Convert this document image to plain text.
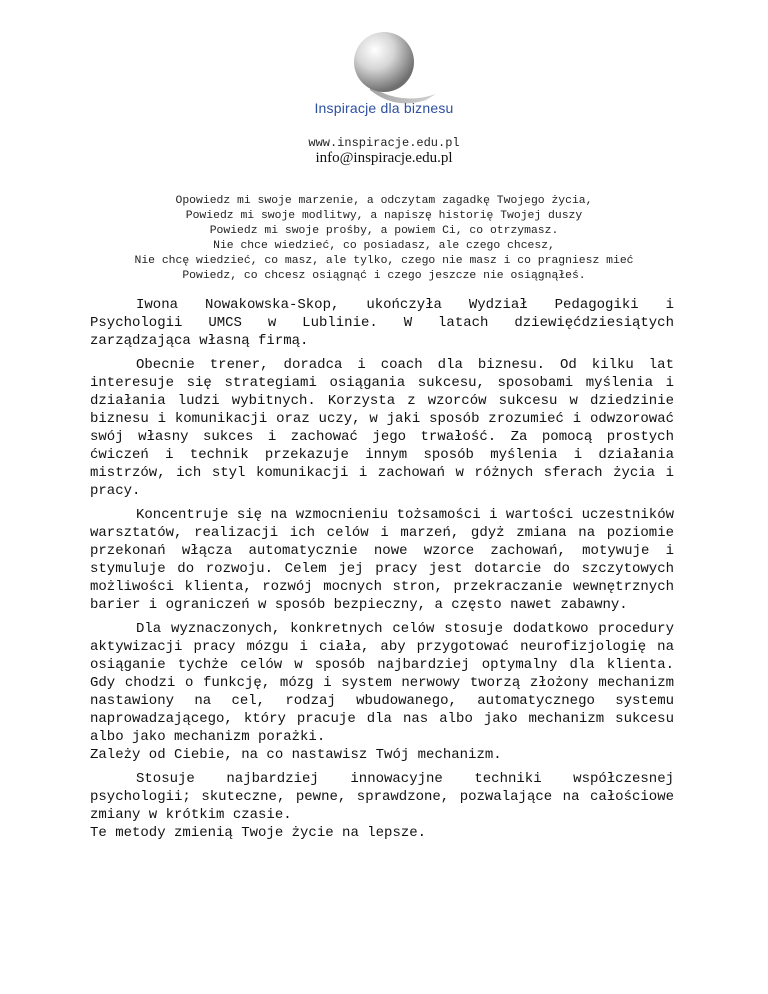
Inspiracje dla biznesu
www.inspiracje.edu.pl
info@inspiracje.edu.pl
Opowiedz mi swoje marzenie, a odczytam zagadkę Twojego życia,
Powiedz mi swoje modlitwy, a napiszę historię Twojej duszy
Powiedz mi swoje prośby, a powiem Ci, co otrzymasz.
Nie chce wiedzieć, co posiadasz, ale czego chcesz,
Nie chcę wiedzieć, co masz, ale tylko, czego nie masz i co pragniesz mieć
Powiedz, co chcesz osiągnąć i czego jeszcze nie osiągnąłeś.

Iwona Nowakowska-Skop, ukończyła Wydział Pedagogiki i Psychologii UMCS w Lublinie. W latach dziewięćdziesiątych zarządzająca własną firmą.

Obecnie trener, doradca i coach dla biznesu. Od kilku lat interesuje się strategiami osiągania sukcesu, sposobami myślenia i działania ludzi wybitnych. Korzysta z wzorców sukcesu w dziedzinie biznesu i komunikacji oraz uczy, w jaki sposób zrozumieć i odwzorować swój własny sukces i zachować jego trwałość. Za pomocą prostych ćwiczeń i technik przekazuje innym sposób myślenia i działania mistrzów, ich styl komunikacji i zachowań w różnych sferach życia i pracy.

Koncentruje się na wzmocnieniu tożsamości i wartości uczestników warsztatów, realizacji ich celów i marzeń, gdyż zmiana na poziomie przekonań włącza automatycznie nowe wzorce zachowań, motywuje i stymuluje do rozwoju. Celem jej pracy jest dotarcie do szczytowych możliwości klienta, rozwój mocnych stron, przekraczanie wewnętrznych barier i ograniczeń w sposób bezpieczny, a często nawet zabawny.

Dla wyznaczonych, konkretnych celów stosuje dodatkowo procedury aktywizacji pracy mózgu i ciała, aby przygotować neurofizjologię na osiąganie tychże celów w sposób najbardziej optymalny dla klienta. Gdy chodzi o funkcję, mózg i system nerwowy tworzą złożony mechanizm nastawiony na cel, rodzaj wbudowanego, automatycznego systemu naprowadzającego, który pracuje dla nas albo jako mechanizm sukcesu albo jako mechanizm porażki.

Zależy od Ciebie, na co nastawisz Twój mechanizm.

Stosuje najbardziej innowacyjne techniki współczesnej psychologii; skuteczne, pewne, sprawdzone, pozwalające na całościowe zmiany w krótkim czasie.

Te metody zmienią Twoje życie na lepsze.
